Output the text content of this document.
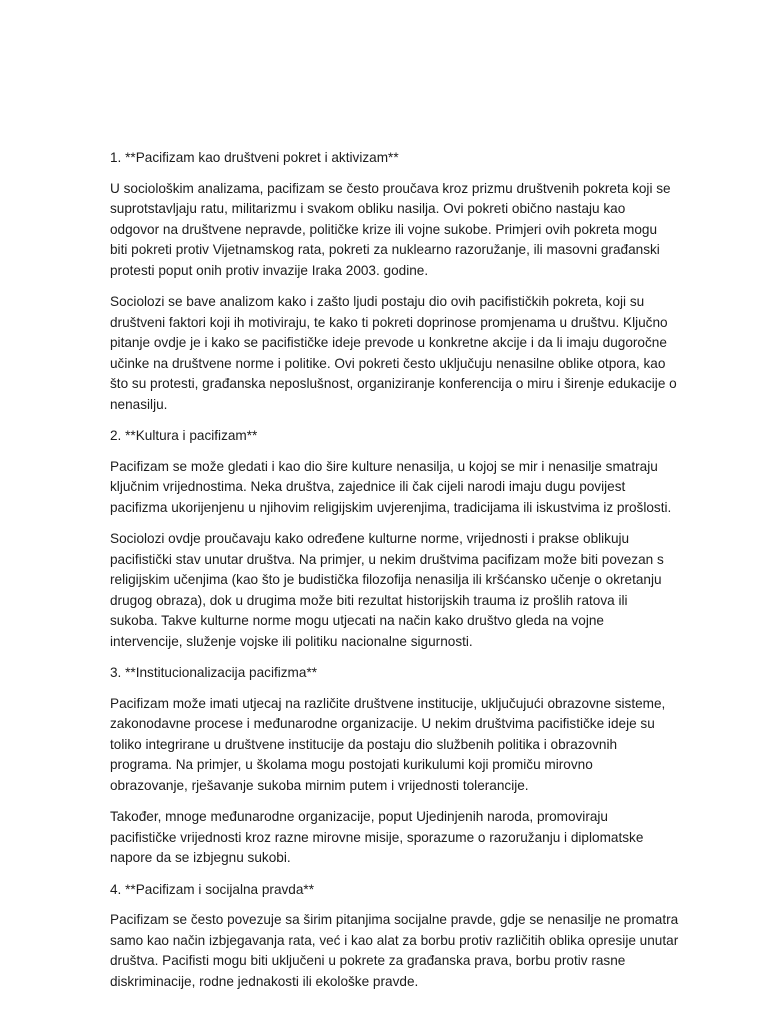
1. **Pacifizam kao društveni pokret i aktivizam**
U sociološkim analizama, pacifizam se često proučava kroz prizmu društvenih pokreta koji se
suprotstavljaju ratu, militarizmu i svakom obliku nasilja. Ovi pokreti obično nastaju kao
odgovor na društvene nepravde, političke krize ili vojne sukobe. Primjeri ovih pokreta mogu
biti pokreti protiv Vijetnamskog rata, pokreti za nuklearno razoružanje, ili masovni građanski
protesti poput onih protiv invazije Iraka 2003. godine.
Sociolozi se bave analizom kako i zašto ljudi postaju dio ovih pacifističkih pokreta, koji su
društveni faktori koji ih motiviraju, te kako ti pokreti doprinose promjenama u društvu. Ključno
pitanje ovdje je i kako se pacifističke ideje prevode u konkretne akcije i da li imaju dugoročne
učinke na društvene norme i politike. Ovi pokreti često uključuju nenasilne oblike otpora, kao
što su protesti, građanska neposlušnost, organiziranje konferencija o miru i širenje edukacije o
nenasilju.
2. **Kultura i pacifizam**
Pacifizam se može gledati i kao dio šire kulture nenasilja, u kojoj se mir i nenasilje smatraju
ključnim vrijednostima. Neka društva, zajednice ili čak cijeli narodi imaju dugu povijest
pacifizma ukorijenjenu u njihovim religijskim uvjerenjima, tradicijama ili iskustvima iz prošlosti.
Sociolozi ovdje proučavaju kako određene kulturne norme, vrijednosti i prakse oblikuju
pacifistički stav unutar društva. Na primjer, u nekim društvima pacifizam može biti povezan s
religijskim učenjima (kao što je budistička filozofija nenasilja ili kršćansko učenje o okretanju
drugog obraza), dok u drugima može biti rezultat historijskih trauma iz prošlih ratova ili
sukoba. Takve kulturne norme mogu utjecati na način kako društvo gleda na vojne
intervencije, služenje vojske ili politiku nacionalne sigurnosti.
3. **Institucionalizacija pacifizma**
Pacifizam može imati utjecaj na različite društvene institucije, uključujući obrazovne sisteme,
zakonodavne procese i međunarodne organizacije. U nekim društvima pacifističke ideje su
toliko integrirane u društvene institucije da postaju dio službenih politika i obrazovnih
programa. Na primjer, u školama mogu postojati kurikulumi koji promiču mirovno
obrazovanje, rješavanje sukoba mirnim putem i vrijednosti tolerancije.
Također, mnoge međunarodne organizacije, poput Ujedinjenih naroda, promoviraju
pacifističke vrijednosti kroz razne mirovne misije, sporazume o razoružanju i diplomatske
napore da se izbjegnu sukobi.
4. **Pacifizam i socijalna pravda**
Pacifizam se često povezuje sa širim pitanjima socijalne pravde, gdje se nenasilje ne promatra
samo kao način izbjegavanja rata, već i kao alat za borbu protiv različitih oblika opresije unutar
društva. Pacifisti mogu biti uključeni u pokrete za građanska prava, borbu protiv rasne
diskriminacije, rodne jednakosti ili ekološke pravde.
